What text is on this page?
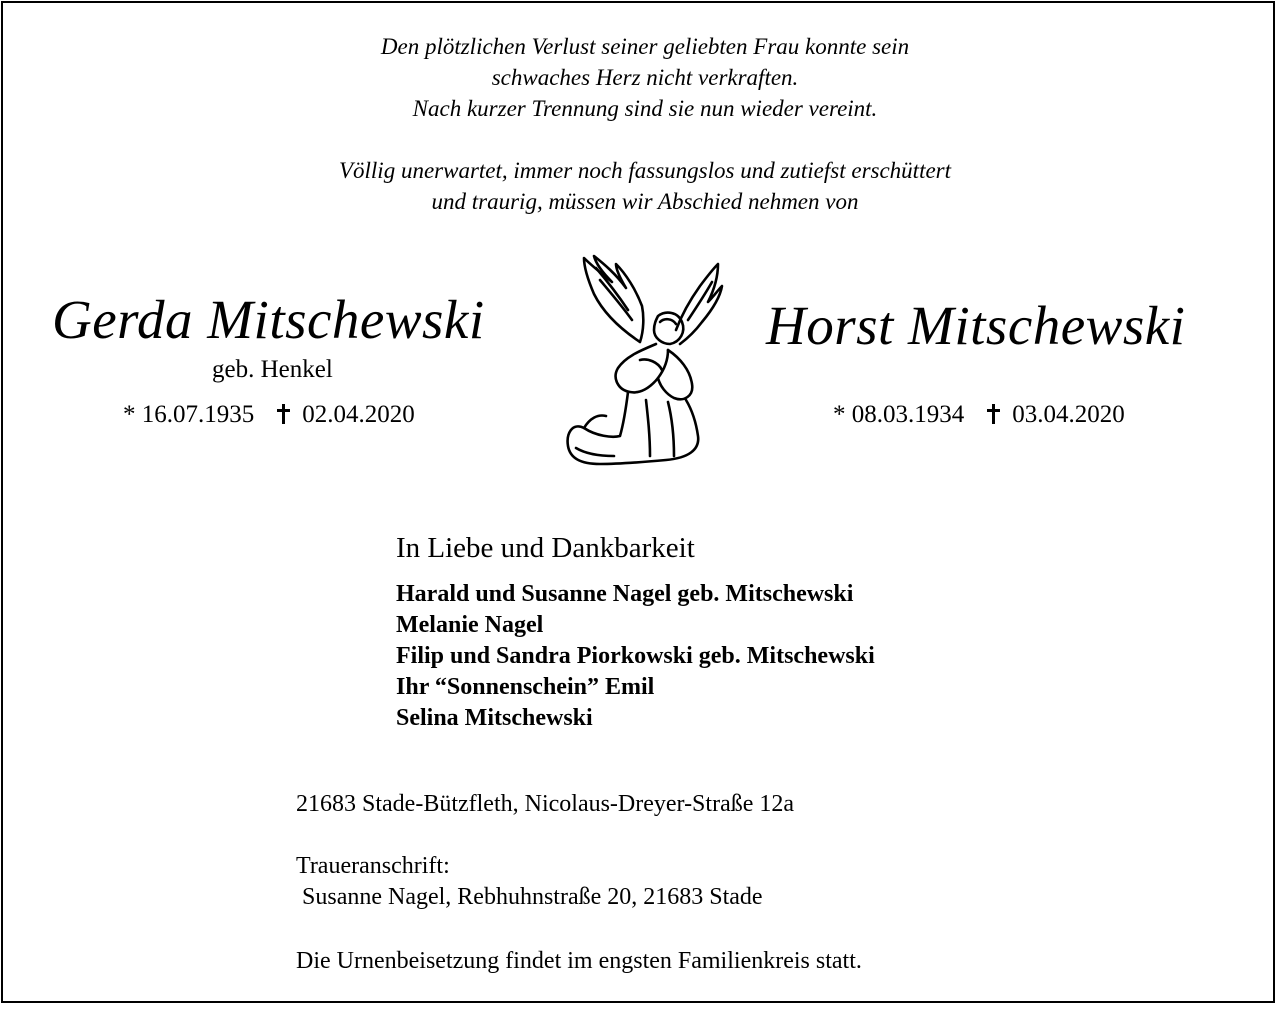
Den plötzlichen Verlust seiner geliebten Frau konnte sein
schwaches Herz nicht verkraften.
Nach kurzer Trennung sind sie nun wieder vereint.
Völlig unerwartet, immer noch fassungslos und zutiefst erschüttert
und traurig, müssen wir Abschied nehmen von
Gerda Mitschewski
geb. Henkel
* 16.07.1935 02.04.2020
Horst Mitschewski
* 08.03.1934 03.04.2020
In Liebe und Dankbarkeit
Harald und Susanne Nagel geb. Mitschewski
Melanie Nagel
Filip und Sandra Piorkowski geb. Mitschewski
Ihr “Sonnenschein” Emil
Selina Mitschewski
21683 Stade-Bützfleth, Nicolaus-Dreyer-Straße 12a
Traueranschrift:
Susanne Nagel, Rebhuhnstraße 20, 21683 Stade
Die Urnenbeisetzung findet im engsten Familienkreis statt.
